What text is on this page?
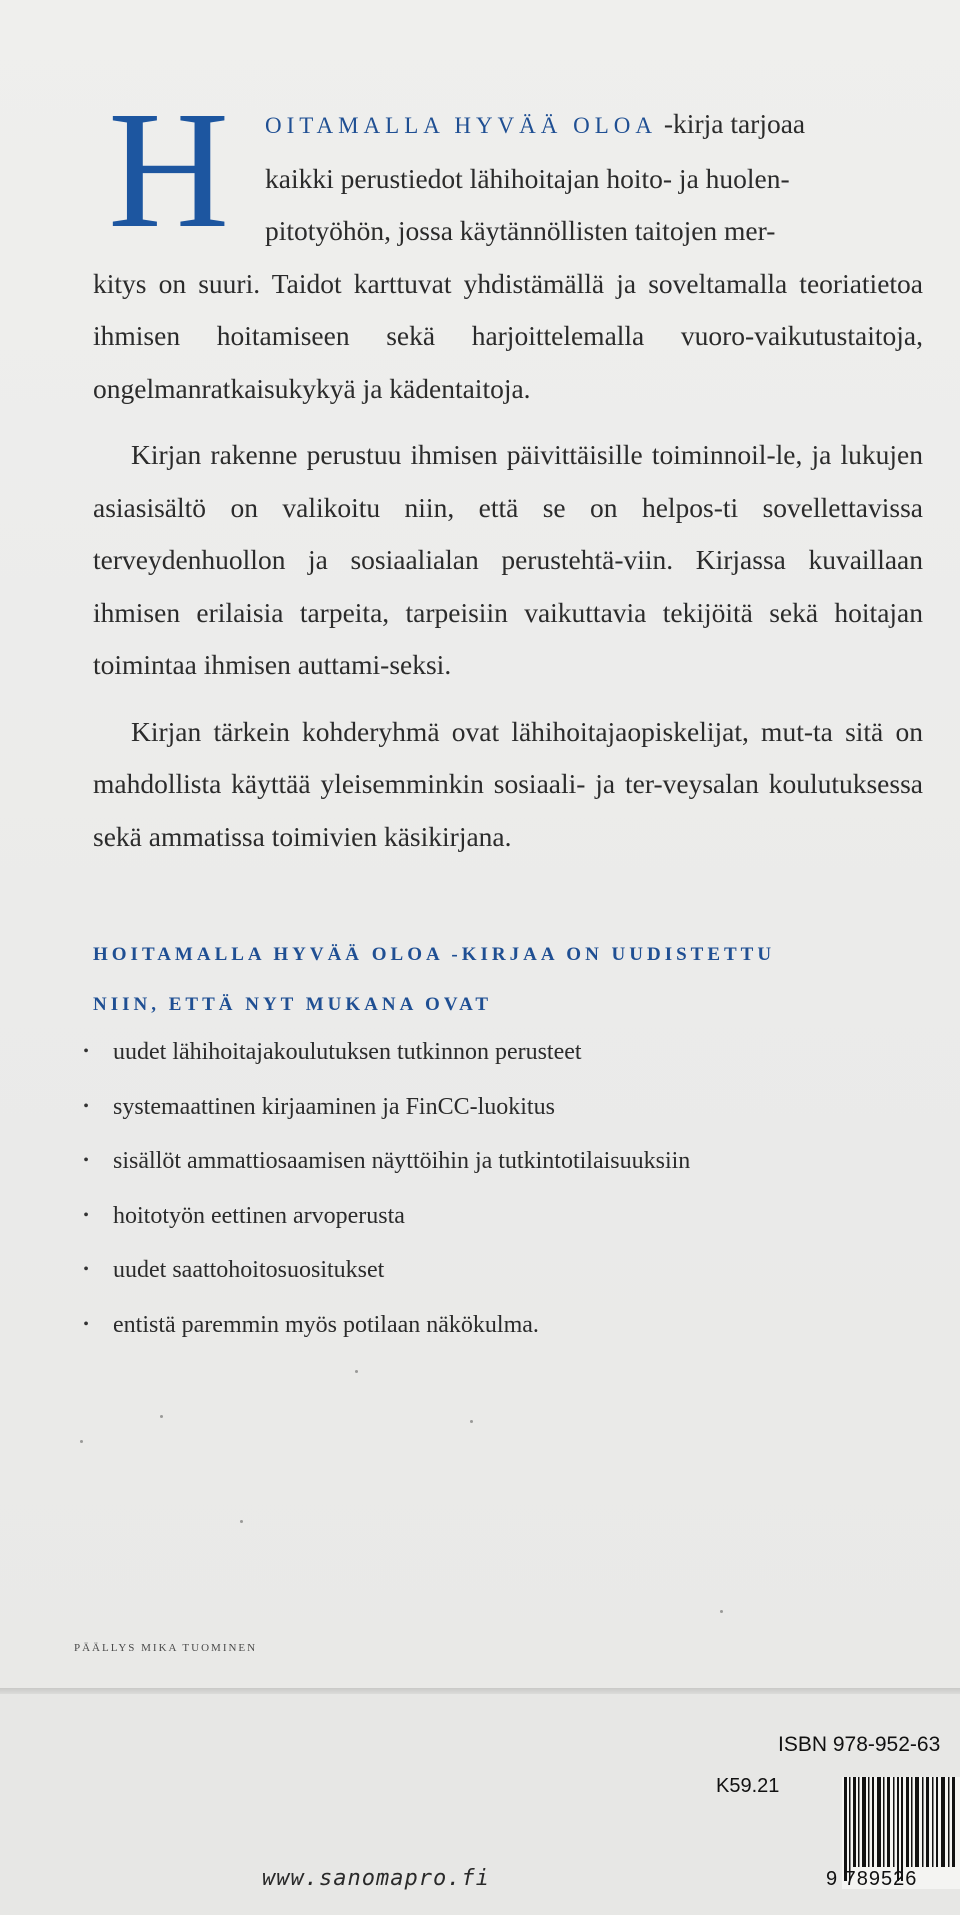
H	OITAMALLA HYVÄÄ OLOA -kirja tarjoaa
kaikki perustiedot lähihoitajan hoito- ja huolen-
pitotyöhön, jossa käytännöllisten taitojen mer-
kitys on suuri. Taidot karttuvat yhdistämällä ja soveltamalla teoriatietoa ihmisen hoitamiseen sekä harjoittelemalla vuoro-vaikutustaitoja, ongelmanratkaisukykyä ja kädentaitoja.

Kirjan rakenne perustuu ihmisen päivittäisille toiminnoil-le, ja lukujen asiasisältö on valikoitu niin, että se on helpos-ti sovellettavissa terveydenhuollon ja sosiaalialan perustehtä-viin. Kirjassa kuvaillaan ihmisen erilaisia tarpeita, tarpeisiin vaikuttavia tekijöitä sekä hoitajan toimintaa ihmisen auttami-seksi.

Kirjan tärkein kohderyhmä ovat lähihoitajaopiskelijat, mut-ta sitä on mahdollista käyttää yleisemminkin sosiaali- ja ter-veysalan koulutuksessa sekä ammatissa toimivien käsikirjana.

HOITAMALLA HYVÄÄ OLOA -KIRJAA ON UUDISTETTU
NIIN, ETTÄ NYT MUKANA OVAT
• uudet lähihoitajakoulutuksen tutkinnon perusteet
• systemaattinen kirjaaminen ja FinCC-luokitus
• sisällöt ammattiosaamisen näyttöihin ja tutkintotilaisuuksiin
• hoitotyön eettinen arvoperusta
• uudet saattohoitosuositukset
• entistä paremmin myös potilaan näkökulma.
PÄÄLLYS MIKA TUOMINEN
ISBN 978-952-63
K59.21
9 789526
www.sanomapro.fi
